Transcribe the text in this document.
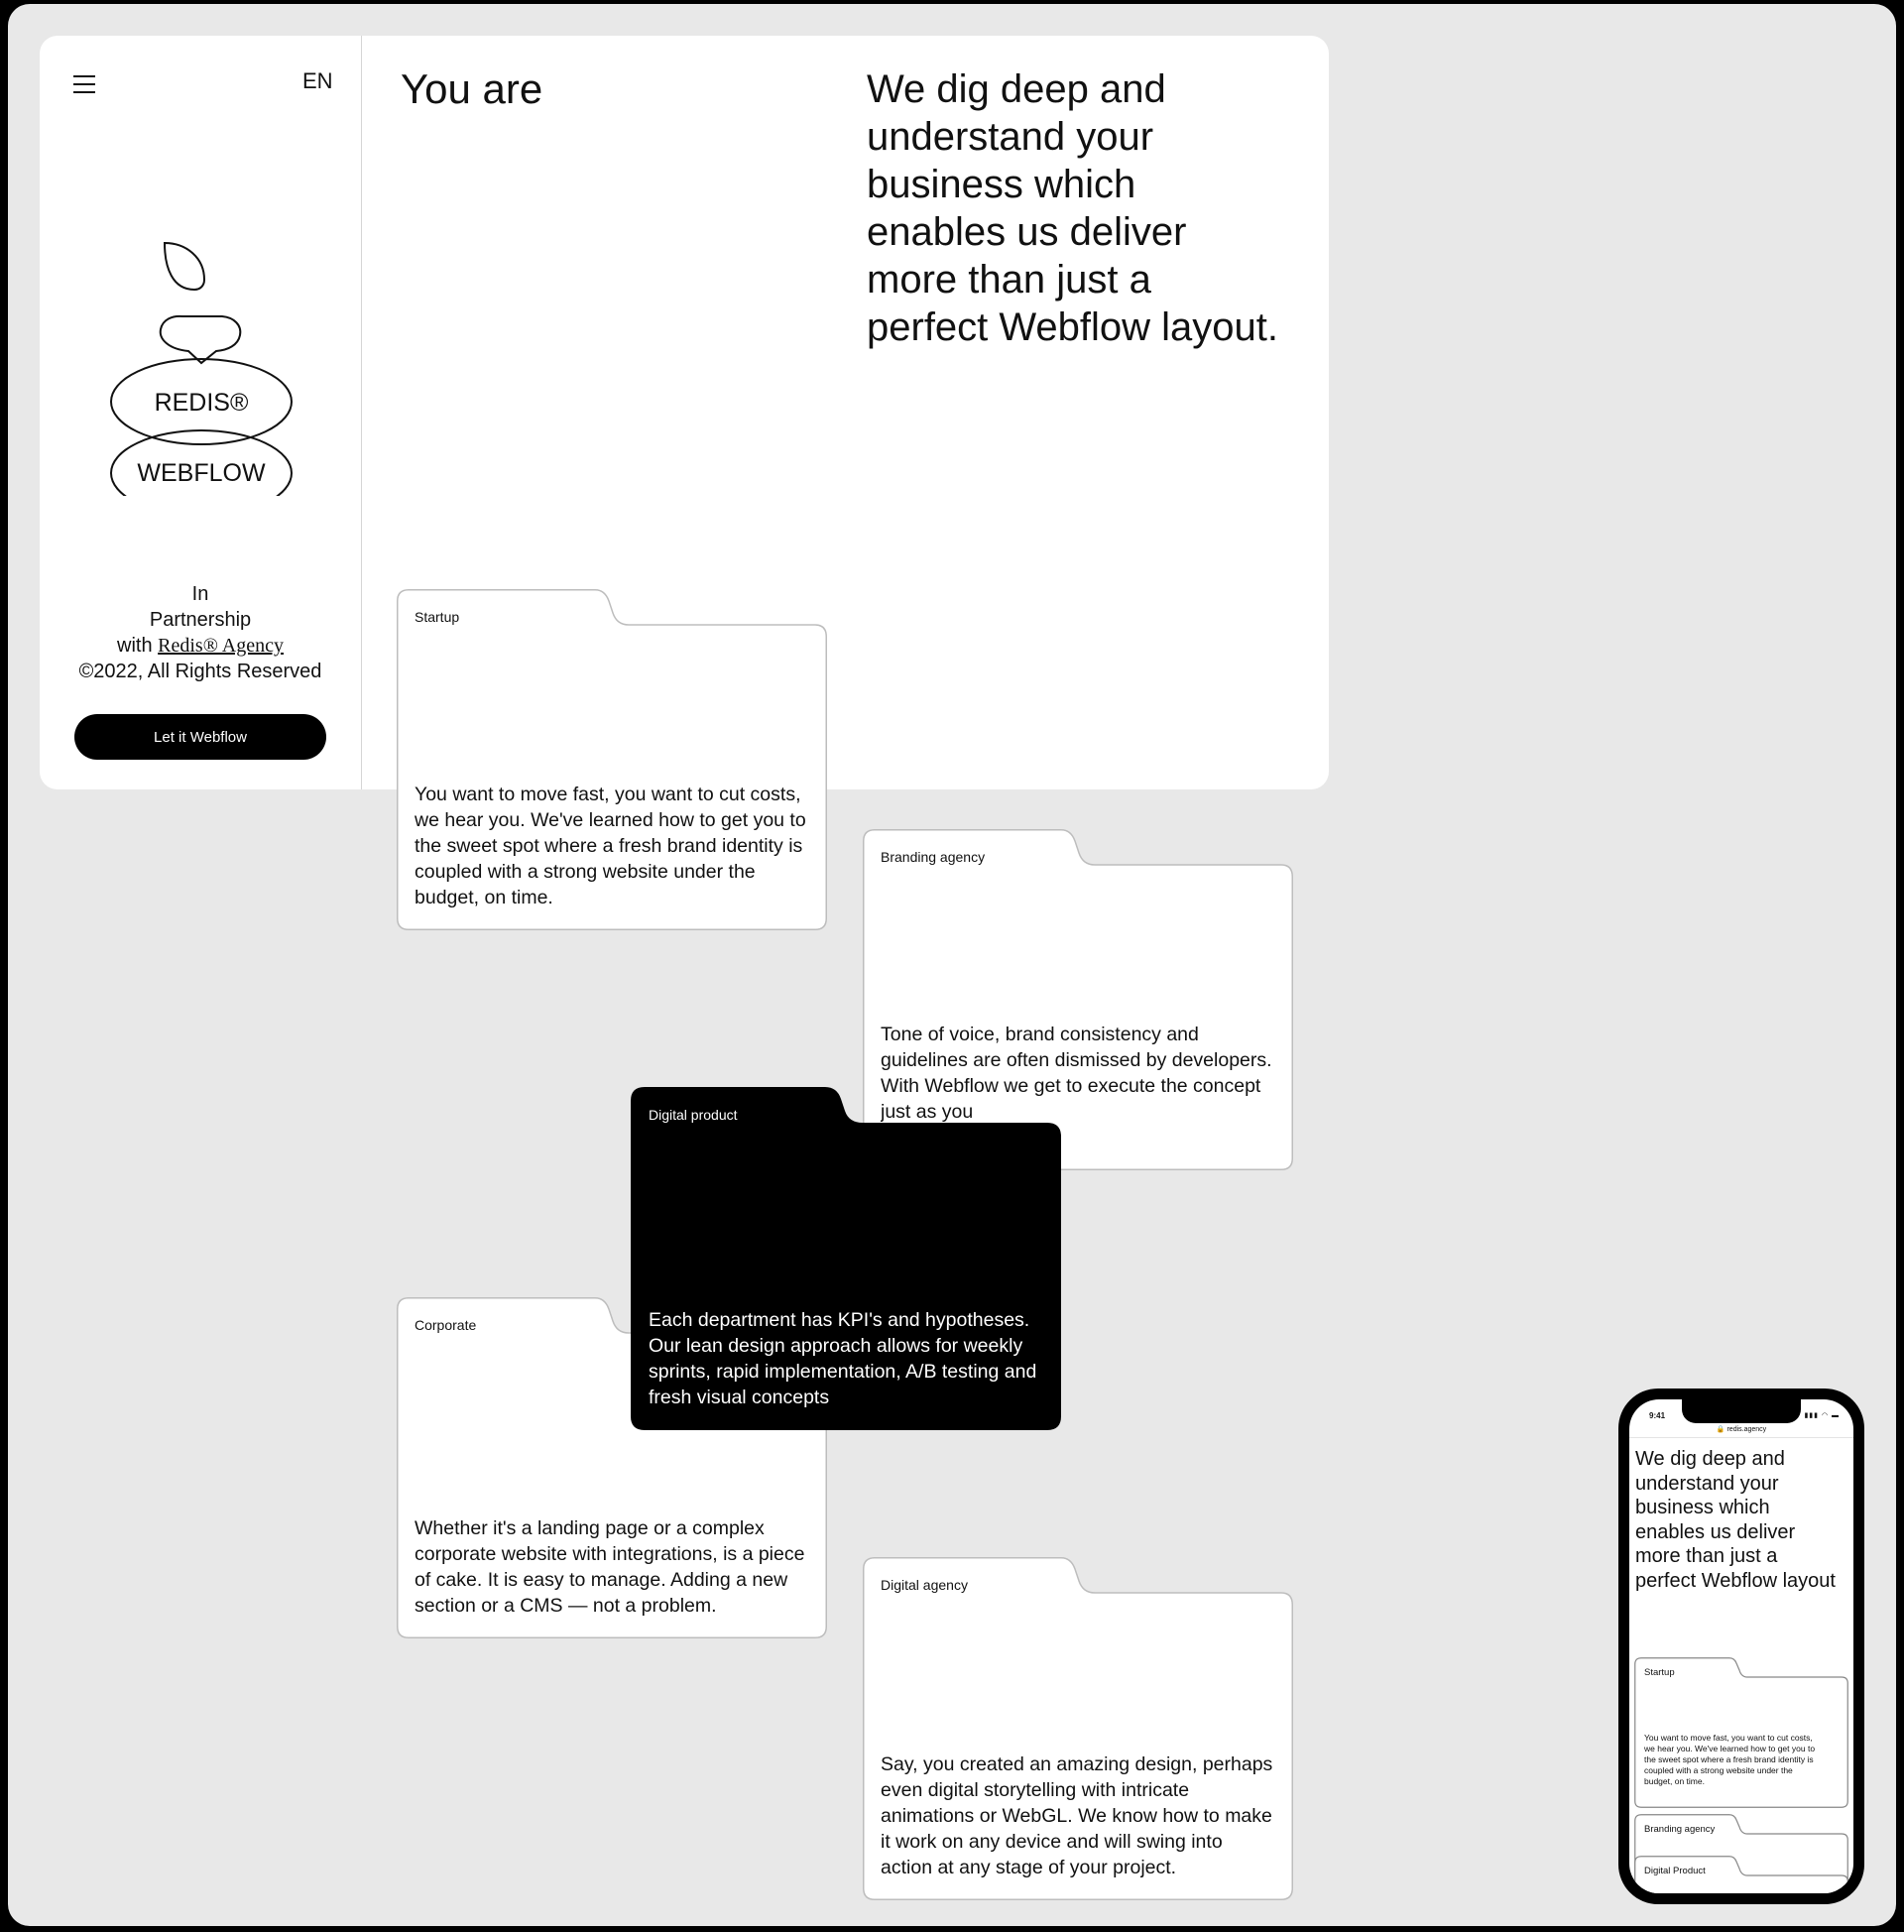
EN
REDIS®
WEBFLOW
In
Partnership
with Redis® Agency
©2022, All Rights Reserved
Let it Webflow
You are	We dig deep and understand your business which enables us deliver more than just a perfect Webflow layout.
Startup
You want to move fast, you want to cut costs, we hear you. We've learned how to get you to the sweet spot where a fresh brand identity is coupled with a strong website under the budget, on time.
Branding agency
Tone of voice, brand consistency and guidelines are often dismissed by developers. With Webflow we get to execute the concept just as you
Corporate
Whether it's a landing page or a complex corporate website with integrations, is a piece of cake. It is easy to manage. Adding a new section or a CMS — not a problem.
Digital product
Each department has KPI's and hypotheses. Our lean design approach allows for weekly sprints, rapid implementation, A/B testing and fresh visual concepts
Digital agency
Say, you created an amazing design, perhaps even digital storytelling with intricate animations or WebGL. We know how to make it work on any device and will swing into action at any stage of your project.
9:41	▮▮▮ ◠ ▬
🔒 redis.agency
We dig deep and understand your business which enables us deliver more than just a perfect Webflow layout
Startup
You want to move fast, you want to cut costs, we hear you. We've learned how to get you to the sweet spot where a fresh brand identity is coupled with a strong website under the budget, on time.
Branding agency
Digital Product
